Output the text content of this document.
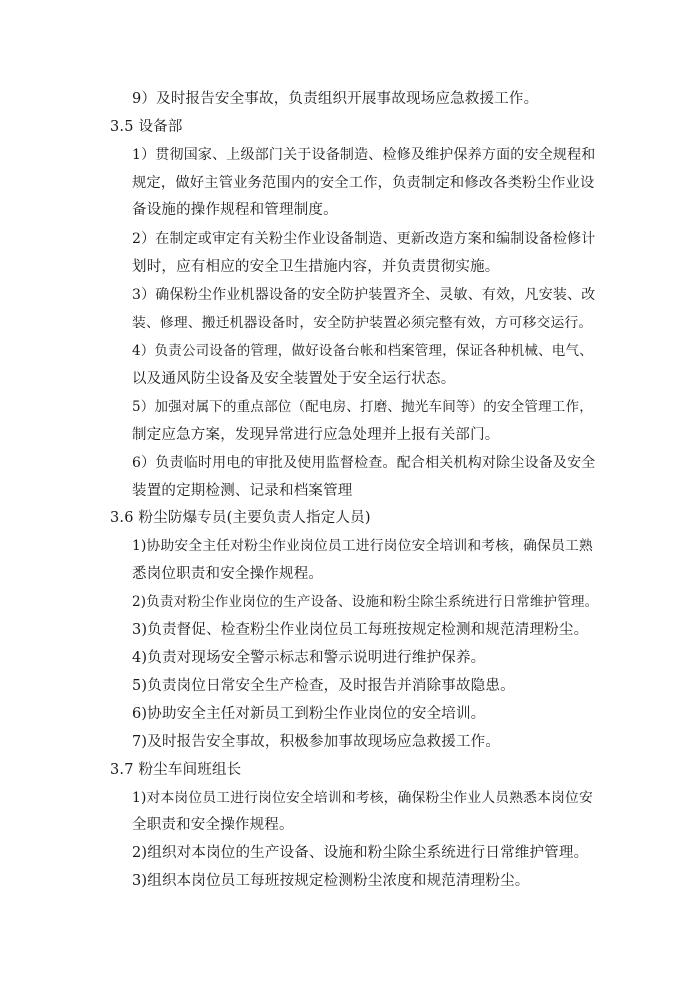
9）及时报告安全事故，负责组织开展事故现场应急救援工作。
3.5 设备部
1）贯彻国家、上级部门关于设备制造、检修及维护保养方面的安全规程和
规定，做好主管业务范围内的安全工作，负责制定和修改各类粉尘作业设
备设施的操作规程和管理制度。
2）在制定或审定有关粉尘作业设备制造、更新改造方案和编制设备检修计
划时，应有相应的安全卫生措施内容，并负责贯彻实施。
3）确保粉尘作业机器设备的安全防护装置齐全、灵敏、有效，凡安装、改
装、修理、搬迁机器设备时，安全防护装置必须完整有效，方可移交运行。
4）负责公司设备的管理，做好设备台帐和档案管理，保证各种机械、电气、
以及通风防尘设备及安全装置处于安全运行状态。
5）加强对属下的重点部位（配电房、打磨、抛光车间等）的安全管理工作，
制定应急方案，发现异常进行应急处理并上报有关部门。
6）负责临时用电的审批及使用监督检查。配合相关机构对除尘设备及安全
装置的定期检测、记录和档案管理
3.6 粉尘防爆专员(主要负责人指定人员)
1)协助安全主任对粉尘作业岗位员工进行岗位安全培训和考核，确保员工熟
悉岗位职责和安全操作规程。
2)负责对粉尘作业岗位的生产设备、设施和粉尘除尘系统进行日常维护管理。
3)负责督促、检查粉尘作业岗位员工每班按规定检测和规范清理粉尘。
4)负责对现场安全警示标志和警示说明进行维护保养。
5)负责岗位日常安全生产检查，及时报告并消除事故隐患。
6)协助安全主任对新员工到粉尘作业岗位的安全培训。
7)及时报告安全事故，积极参加事故现场应急救援工作。
3.7 粉尘车间班组长
1)对本岗位员工进行岗位安全培训和考核，确保粉尘作业人员熟悉本岗位安
全职责和安全操作规程。
2)组织对本岗位的生产设备、设施和粉尘除尘系统进行日常维护管理。
3)组织本岗位员工每班按规定检测粉尘浓度和规范清理粉尘。
